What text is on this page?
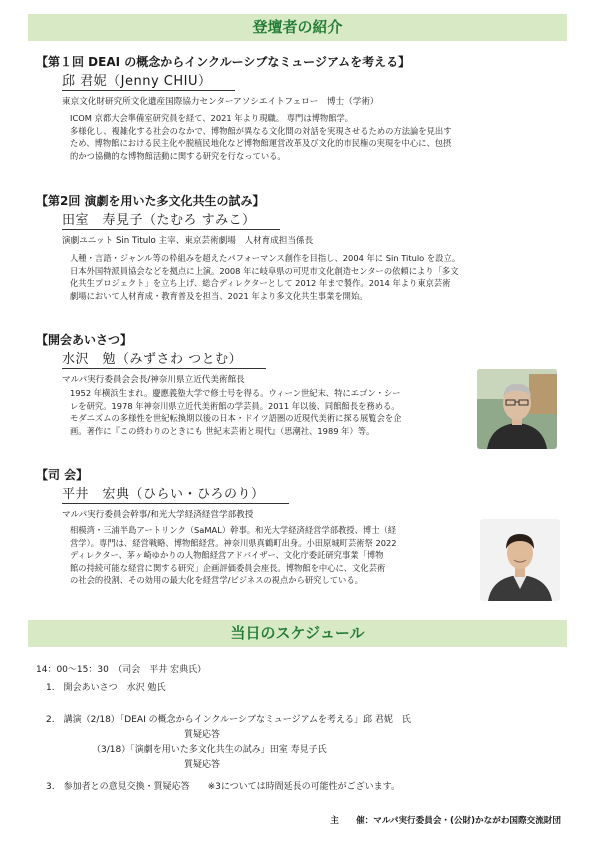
登壇者の紹介
【第１回 DEAI の概念からインクルーシブなミュージアムを考える】
邱 君妮（Jenny CHIU）
東京文化財研究所文化遺産国際協力センターアソシエイトフェロー　博士（学術）
ICOM 京都大会準備室研究員を経て、2021 年より現職。 専門は博物館学。
多様化し、複雑化する社会のなかで、博物館が異なる文化間の対話を実現させるための方法論を見出す
ため、博物館における民主化や脱植民地化など博物館運営改革及び文化的市民権の実現を中心に、包摂
的かつ協働的な博物館活動に関する研究を行なっている。
【第2回 演劇を用いた多文化共生の試み】
田室　寿見子（たむろ すみこ）
演劇ユニット Sin Titulo 主宰、東京芸術劇場　人材育成担当係長
人種・言語・ジャンル等の枠組みを超えたパフォーマンス創作を目指し、2004 年に Sin Titulo を設立。
日本外国特派員協会などを拠点に上演。2008 年に岐阜県の可児市文化創造センターの依頼により「多文
化共生プロジェクト」を立ち上げ、総合ディレクターとして 2012 年まで製作。2014 年より東京芸術
劇場において人材育成・教育普及を担当、2021 年より多文化共生事業を開始。
【開会あいさつ】
水沢　勉（みずさわ つとむ）
マルパ実行委員会会長/神奈川県立近代美術館長
1952 年横浜生まれ。慶應義塾大学で修士号を得る。ウィーン世紀末、特にエゴン・シー
レを研究。1978 年神奈川県立近代美術館の学芸員。2011 年以後、同館館長を務める。
モダニズムの多様性を世紀転換期以後の日本・ドイツ語圏の近現代美術に探る展覧会を企
画。著作に『この終わりのときにも 世紀末芸術と現代』（思潮社、1989 年）等。
【司 会】
平井　宏典（ひらい・ひろのり）
マルパ実行委員会幹事/和光大学経済経営学部教授
相模湾・三浦半島アートリンク（SaMAL）幹事。和光大学経済経営学部教授、博士（経
営学）。専門は、経営戦略、博物館経営。神奈川県真鶴町出身。小田原城町芸術祭 2022
ディレクター、茅ヶ崎ゆかりの人物館経営アドバイザー、文化庁委託研究事業「博物
館の持続可能な経営に関する研究」企画評価委員会座長。博物館を中心に、文化芸術
の社会的役割、その効用の最大化を経営学/ビジネスの視点から研究している。
当日のスケジュール
14：00～15：30　（司会　平井 宏典氏）
1.　開会あいさつ　水沢 勉氏
2.　講演（2/18）「DEAI の概念からインクルーシブなミュージアムを考える」邱 君妮　氏
質疑応答
（3/18）「演劇を用いた多文化共生の試み」田室 寿見子氏
質疑応答
3.　参加者との意見交換・質疑応答　　※3については時間延長の可能性がございます。
主　　催：マルパ実行委員会・(公財)かながわ国際交流財団
